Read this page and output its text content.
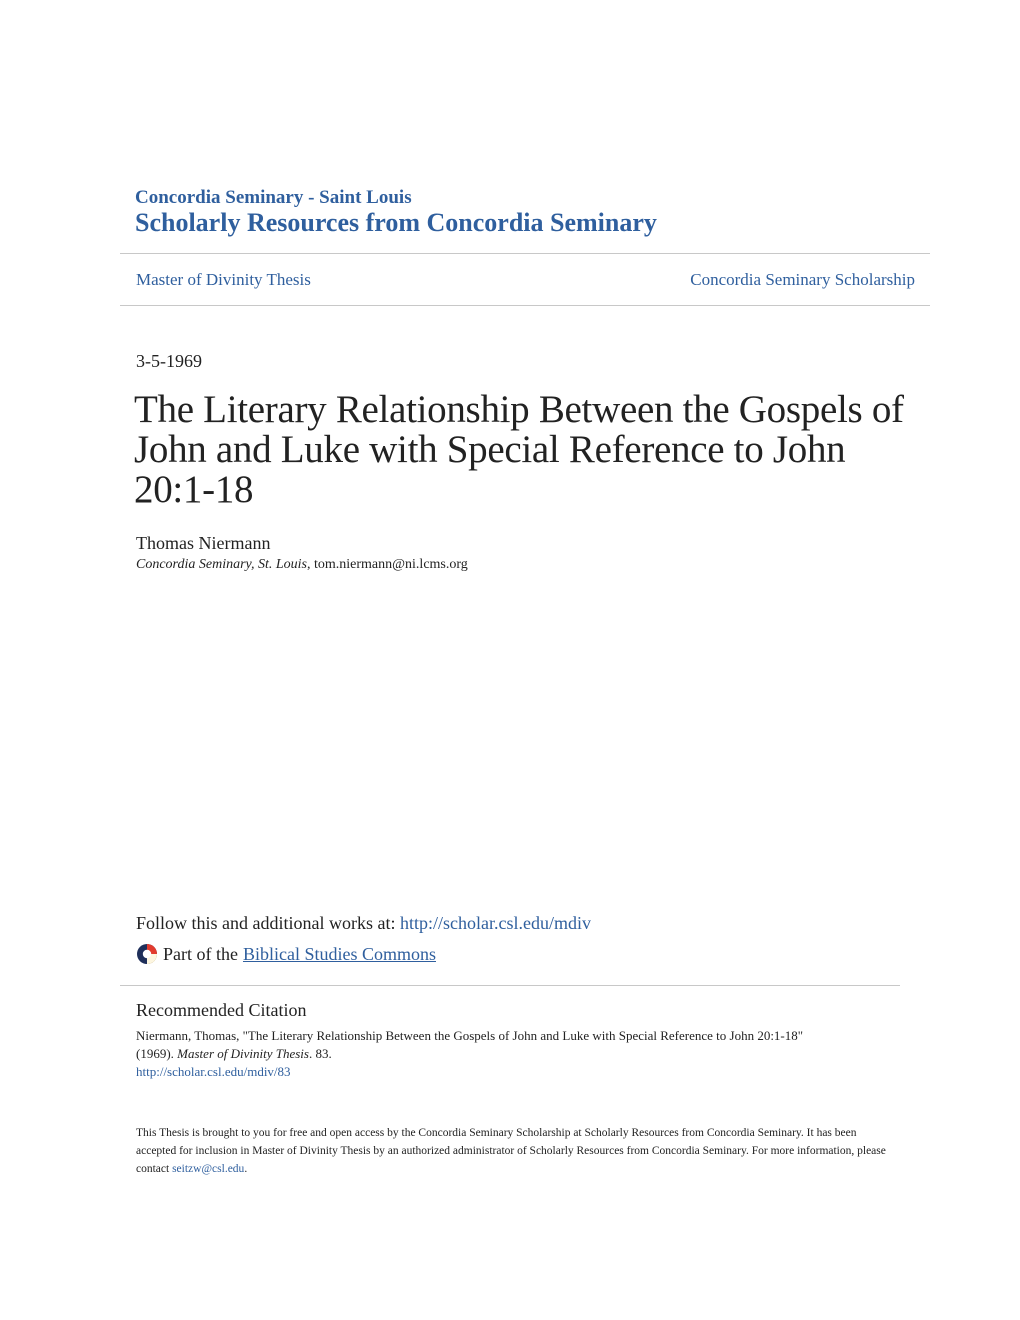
Concordia Seminary - Saint Louis
Scholarly Resources from Concordia Seminary
Master of Divinity Thesis	Concordia Seminary Scholarship
3-5-1969
The Literary Relationship Between the Gospels of John and Luke with Special Reference to John 20:1-18
Thomas Niermann
Concordia Seminary, St. Louis, tom.niermann@ni.lcms.org
Follow this and additional works at: http://scholar.csl.edu/mdiv
Part of the Biblical Studies Commons
Recommended Citation
Niermann, Thomas, "The Literary Relationship Between the Gospels of John and Luke with Special Reference to John 20:1-18"
(1969). Master of Divinity Thesis. 83.
http://scholar.csl.edu/mdiv/83
This Thesis is brought to you for free and open access by the Concordia Seminary Scholarship at Scholarly Resources from Concordia Seminary. It has been accepted for inclusion in Master of Divinity Thesis by an authorized administrator of Scholarly Resources from Concordia Seminary. For more information, please contact seitzw@csl.edu.
